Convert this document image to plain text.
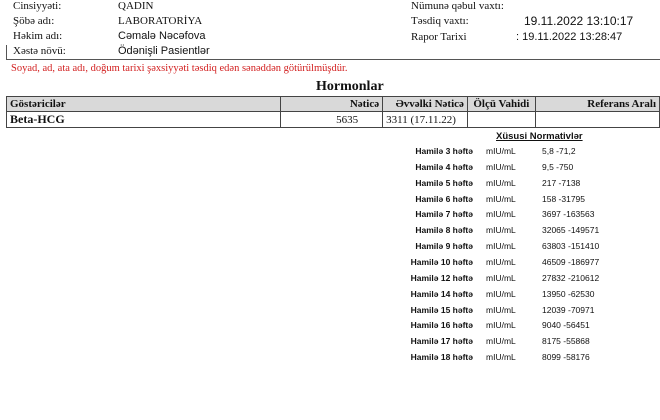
Cinsiyyəti:	QADIN
Şöbə adı:	LABORATORİYA
Həkim adı:	Cəmalə Nəcəfova
Xəstə növü:	Ödənişli Pasientlər
Nümunə qəbul vaxtı:
Təsdiq vaxtı:	19.11.2022 13:10:17
Rapor Tarixi	: 19.11.2022 13:28:47
Soyad, ad, ata adı, doğum tarixi şəxsiyyəti təsdiq edən sənəddən götürülmüşdür.
Hormonlar
Göstəricilər	Nəticə	Əvvəlki Nəticə	Ölçü Vahidi	Referans Aralı
Beta-HCG	5635	3311 (17.11.22)		
Xüsusi Normativlər
Hamilə 3 həftə mIU/mL	5,8 -71,2
Hamilə 4 həftə mIU/mL	9,5 -750
Hamilə 5 həftə mIU/mL	217 -7138
Hamilə 6 həftə mIU/mL	158 -31795
Hamilə 7 həftə mIU/mL	3697 -163563
Hamilə 8 həftə mIU/mL	32065 -149571
Hamilə 9 həftə mIU/mL	63803 -151410
Hamilə 10 həftə mIU/mL	46509 -186977
Hamilə 12 həftə mIU/mL	27832 -210612
Hamilə 14 həftə mIU/mL	13950 -62530
Hamilə 15 həftə mIU/mL	12039 -70971
Hamilə 16 həftə mIU/mL	9040 -56451
Hamilə 17 həftə mIU/mL	8175 -55868
Hamilə 18 həftə mIU/mL	8099 -58176
